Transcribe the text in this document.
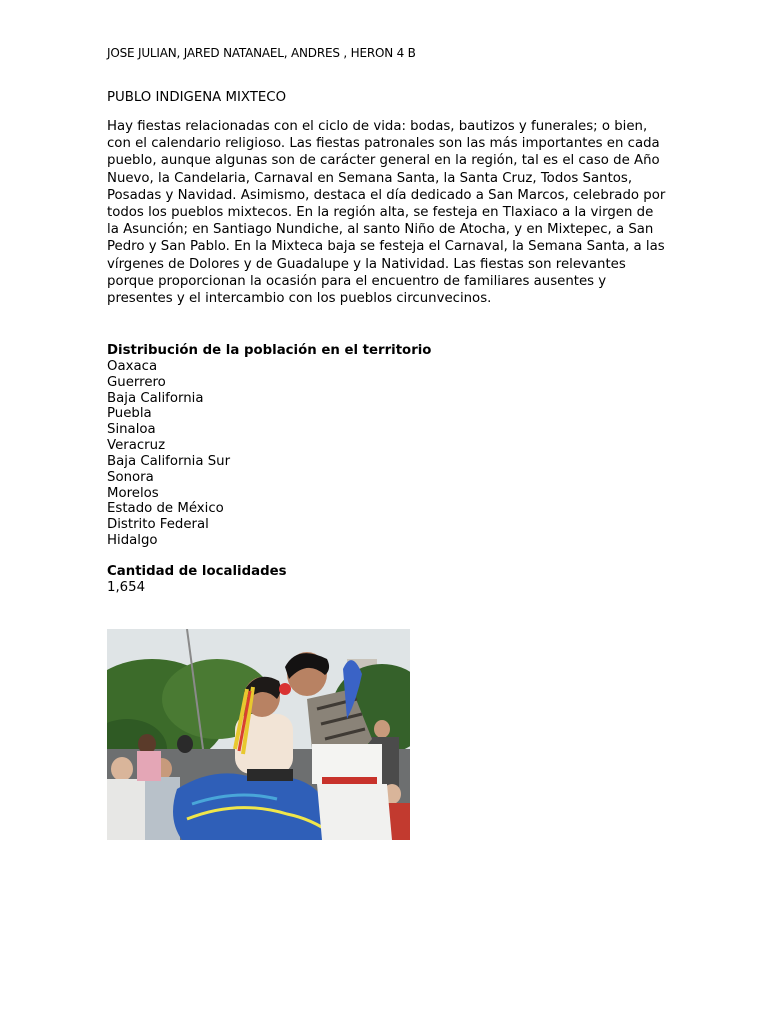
JOSE JULIAN, JARED NATANAEL, ANDRES , HERON 4 B
PUBLO INDIGENA MIXTECO
Hay fiestas relacionadas con el ciclo de vida: bodas, bautizos y funerales; o bien, con el calendario religioso. Las fiestas patronales son las más importantes en cada pueblo, aunque algunas son de carácter general en la región, tal es el caso de Año Nuevo, la Candelaria, Carnaval en Semana Santa, la Santa Cruz, Todos Santos, Posadas y Navidad. Asimismo, destaca el día dedicado a San Marcos, celebrado por todos los pueblos mixtecos. En la región alta, se festeja en Tlaxiaco a la virgen de la Asunción; en Santiago Nundiche, al santo Niño de Atocha, y en Mixtepec, a San Pedro y San Pablo. En la Mixteca baja se festeja el Carnaval, la Semana Santa, a las vírgenes de Dolores y de Guadalupe y la Natividad. Las fiestas son relevantes porque proporcionan la ocasión para el encuentro de familiares ausentes y presentes y el intercambio con los pueblos circunvecinos.
Distribución de la población en el territorio
Oaxaca
Guerrero
Baja California
Puebla
Sinaloa
Veracruz
Baja California Sur
Sonora
Morelos
Estado de México
Distrito Federal
Hidalgo
Cantidad de localidades
1,654
